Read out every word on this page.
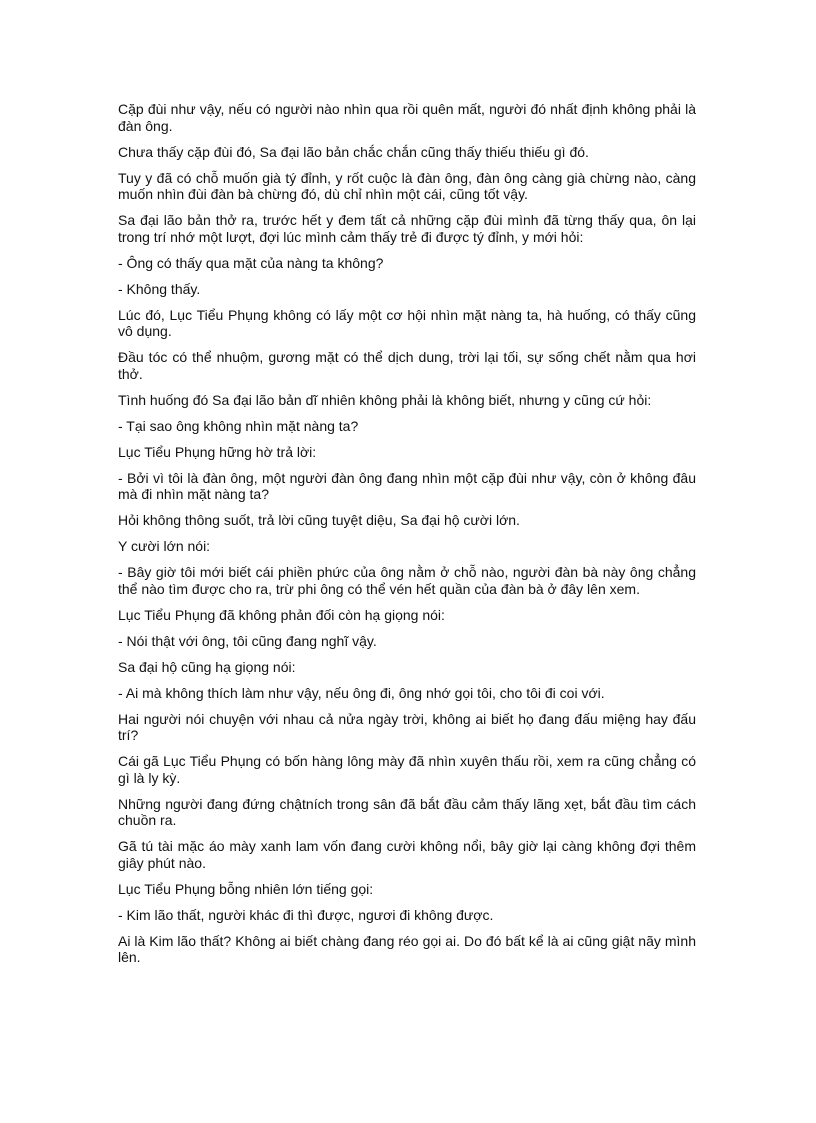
Cặp đùi như vậy, nếu có người nào nhìn qua rồi quên mất, người đó nhất định không phải là đàn ông.

Chưa thấy cặp đùi đó, Sa đại lão bản chắc chắn cũng thấy thiếu thiếu gì đó.

Tuy y đã có chỗ muốn già tý đỉnh, y rốt cuộc là đàn ông, đàn ông càng già chừng nào, càng muốn nhìn đùi đàn bà chừng đó, dù chỉ nhìn một cái, cũng tốt vậy.

Sa đại lão bản thở ra, trước hết y đem tất cả những cặp đùi mình đã từng thấy qua, ôn lại trong trí nhớ một lượt, đợi lúc mình cảm thấy trẻ đi được tý đỉnh, y mới hỏi:

- Ông có thấy qua mặt của nàng ta không?

- Không thấy.

Lúc đó, Lục Tiểu Phụng không có lấy một cơ hội nhìn mặt nàng ta, hà huống, có thấy cũng vô dụng.

Đầu tóc có thể nhuộm, gương mặt có thể dịch dung, trời lại tối, sự sống chết nằm qua hơi thở.

Tình huống đó Sa đại lão bản dĩ nhiên không phải là không biết, nhưng y cũng cứ hỏi:

- Tại sao ông không nhìn mặt nàng ta?

Lục Tiểu Phụng hững hờ trả lời:

- Bởi vì tôi là đàn ông, một người đàn ông đang nhìn một cặp đùi như vậy, còn ở không đâu mà đi nhìn mặt nàng ta?

Hỏi không thông suốt, trả lời cũng tuyệt diệu, Sa đại hộ cười lớn.

Y cười lớn nói:

- Bây giờ tôi mới biết cái phiền phức của ông nằm ở chỗ nào, người đàn bà này ông chẳng thể nào tìm được cho ra, trừ phi ông có thể vén hết quần của đàn bà ở đây lên xem.

Lục Tiểu Phụng đã không phản đối còn hạ giọng nói:

- Nói thật với ông, tôi cũng đang nghĩ vậy.

Sa đại hộ cũng hạ giọng nói:

- Ai mà không thích làm như vậy, nếu ông đi, ông nhớ gọi tôi, cho tôi đi coi với.

Hai người nói chuyện với nhau cả nửa ngày trời, không ai biết họ đang đấu miệng hay đấu trí?

Cái gã Lục Tiểu Phụng có bốn hàng lông mày đã nhìn xuyên thấu rồi, xem ra cũng chẳng có gì là ly kỳ.

Những người đang đứng chậtních trong sân đã bắt đầu cảm thấy lãng xẹt, bắt đầu tìm cách chuồn ra.

Gã tú tài mặc áo mày xanh lam vốn đang cười không nổi, bây giờ lại càng không đợi thêm giây phút nào.

Lục Tiểu Phụng bỗng nhiên lớn tiếng gọi:

- Kim lão thất, người khác đi thì được, ngươi đi không được.

Ai là Kim lão thất? Không ai biết chàng đang réo gọi ai. Do đó bất kể là ai cũng giật nãy mình lên.
